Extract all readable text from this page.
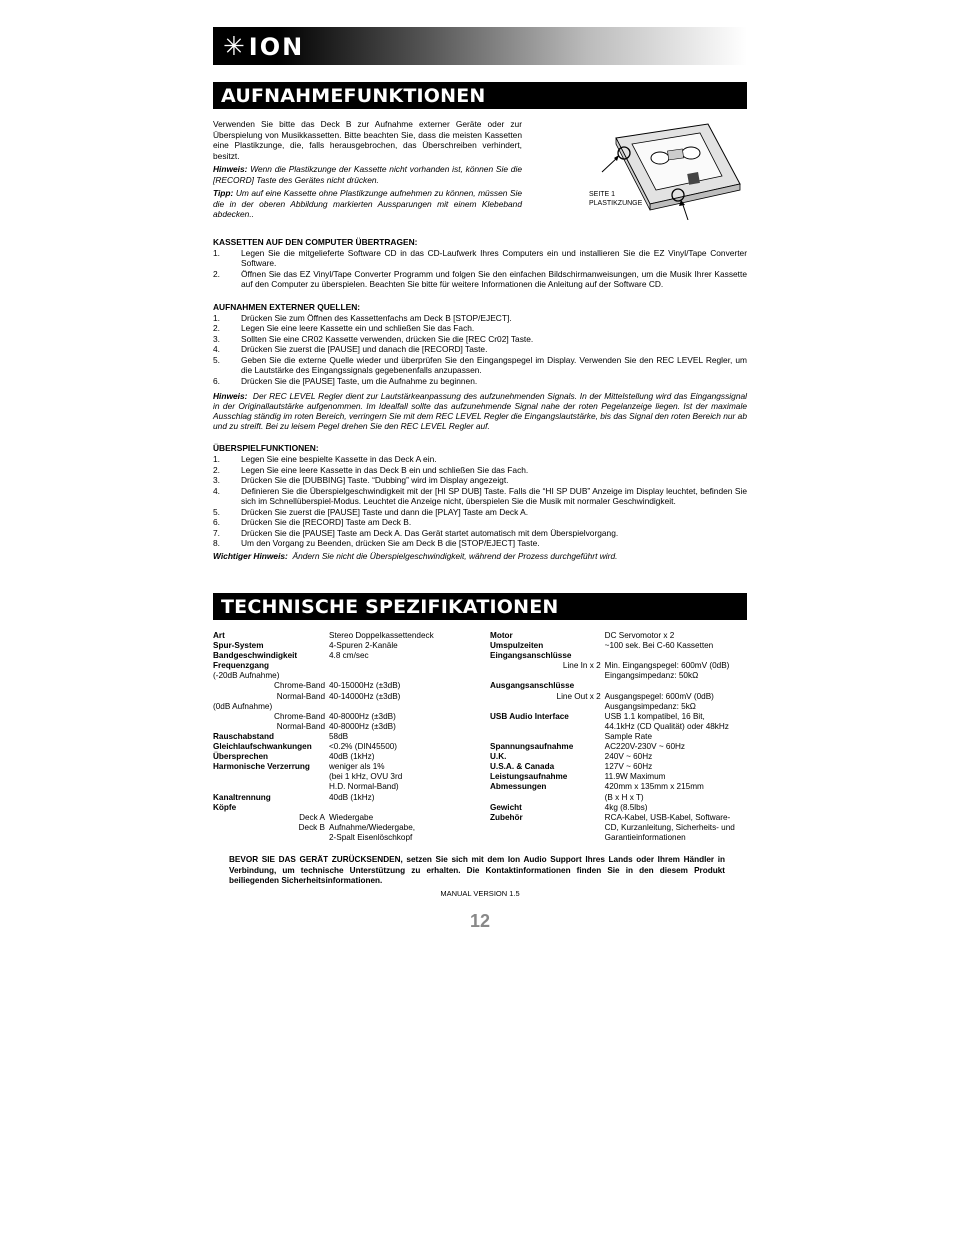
✳ION
AUFNAHMEFUNKTIONEN

Verwenden Sie bitte das Deck B zur Aufnahme externer Geräte oder zur Überspielung von Musikkassetten. Bitte beachten Sie, dass die meisten Kassetten eine Plastikzunge, die, falls herausgebrochen, das Überschreiben verhindert, besitzt.

Hinweis: Wenn die Plastikzunge der Kassette nicht vorhanden ist, können Sie die [RECORD] Taste des Gerätes nicht drücken.

Tipp: Um auf eine Kassette ohne Plastikzunge aufnehmen zu können, müssen Sie die in der oberen Abbildung markierten Aussparungen mit einem Klebeband abdecken..

SEITE 1
PLASTIKZUNGE
KASSETTEN AUF DEN COMPUTER ÜBERTRAGEN:
1.	Legen Sie die mitgelieferte Software CD in das CD-Laufwerk Ihres Computers ein und installieren Sie die EZ Vinyl/Tape Converter Software.
2.	Öffnen Sie das EZ Vinyl/Tape Converter Programm und folgen Sie den einfachen Bildschirmanweisungen, um die Musik Ihrer Kassette auf den Computer zu überspielen. Beachten Sie bitte für weitere Informationen die Anleitung auf der Software CD.
AUFNAHMEN EXTERNER QUELLEN:
1.	Drücken Sie zum Öffnen des Kassettenfachs am Deck B [STOP/EJECT].
2.	Legen Sie eine leere Kassette ein und schließen Sie das Fach.
3.	Sollten Sie eine CR02 Kassette verwenden, drücken Sie die [REC Cr02] Taste.
4.	Drücken Sie zuerst die [PAUSE] und danach die [RECORD] Taste.
5.	Geben Sie die externe Quelle wieder und überprüfen Sie den Eingangspegel im Display. Verwenden Sie den REC LEVEL Regler, um die Lautstärke des Eingangssignals gegebenenfalls anzupassen.
6.	Drücken Sie die [PAUSE] Taste, um die Aufnahme zu beginnen.

Hinweis: Der REC LEVEL Regler dient zur Lautstärkeanpassung des aufzunehmenden Signals. In der Mittelstellung wird das Eingangssignal in der Originallautstärke aufgenommen. Im Idealfall sollte das aufzunehmende Signal nahe der roten Pegelanzeige liegen. Ist der maximale Ausschlag ständig im roten Bereich, verringern Sie mit dem REC LEVEL Regler die Eingangslautstärke, bis das Signal den roten Bereich nur ab und zu streift. Bei zu leisem Pegel drehen Sie den REC LEVEL Regler auf.

ÜBERSPIELFUNKTIONEN:
1.	Legen Sie eine bespielte Kassette in das Deck A ein.
2.	Legen Sie eine leere Kassette in das Deck B ein und schließen Sie das Fach.
3.	Drücken Sie die [DUBBING] Taste. “Dubbing” wird im Display angezeigt.
4.	Definieren Sie die Überspielgeschwindigkeit mit der [HI SP DUB] Taste. Falls die “HI SP DUB” Anzeige im Display leuchtet, befinden Sie sich im Schnellüberspiel-Modus. Leuchtet die Anzeige nicht, überspielen Sie die Musik mit normaler Geschwindigkeit.
5.	Drücken Sie zuerst die [PAUSE] Taste und dann die [PLAY] Taste am Deck A.
6.	Drücken Sie die [RECORD] Taste am Deck B.
7.	Drücken Sie die [PAUSE] Taste am Deck A. Das Gerät startet automatisch mit dem Überspielvorgang.
8.	Um den Vorgang zu Beenden, drücken Sie am Deck B die [STOP/EJECT] Taste.

Wichtiger Hinweis: Ändern Sie nicht die Überspielgeschwindigkeit, während der Prozess durchgeführt wird.

TECHNISCHE SPEZIFIKATIONEN
Art	Stereo Doppelkassettendeck
Spur-System	4-Spuren 2-Kanäle
Bandgeschwindigkeit	4.8 cm/sec
Frequenzgang	
(-20dB Aufnahme)	
Chrome-Band	40-15000Hz (±3dB)
Normal-Band	40-14000Hz (±3dB)
(0dB Aufnahme)	
Chrome-Band	40-8000Hz (±3dB)
Normal-Band	40-8000Hz (±3dB)
Rauschabstand	58dB
Gleichlaufschwankungen	<0.2% (DIN45500)
Übersprechen	40dB (1kHz)
Harmonische Verzerrung	weniger als 1%
	(bei 1 kHz, OVU 3rd
	H.D. Normal-Band)
Kanaltrennung	40dB (1kHz)
Köpfe	
Deck A	Wiedergabe
Deck B	Aufnahme/Wiedergabe,
	2-Spalt Eisenlöschkopf
Motor	DC Servomotor x 2
Umspulzeiten	~100 sek. Bei C-60 Kassetten
Eingangsanschlüsse	
Line In x 2	Min. Eingangspegel: 600mV (0dB)
	Eingangsimpedanz: 50kΩ
Ausgangsanschlüsse	
Line Out x 2	Ausgangspegel: 600mV (0dB)
	Ausgangsimpedanz: 5kΩ
USB Audio Interface	USB 1.1 kompatibel, 16 Bit,
	44.1kHz (CD Qualität) oder 48kHz
	Sample Rate
Spannungsaufnahme	AC220V-230V ~ 60Hz
U.K.	240V ~ 60Hz
U.S.A. & Canada	127V ~ 60Hz
Leistungsaufnahme	11.9W Maximum
Abmessungen	420mm x 135mm x 215mm
	(B x H x T)
Gewicht	4kg (8.5lbs)
Zubehör	RCA-Kabel, USB-Kabel, Software-
	CD, Kurzanleitung, Sicherheits- und
	Garantieinformationen
BEVOR SIE DAS GERÄT ZURÜCKSENDEN, setzen Sie sich mit dem Ion Audio Support Ihres Lands oder Ihrem Händler in Verbindung, um technische Unterstützung zu erhalten. Die Kontaktinformationen finden Sie in den diesem Produkt beiliegenden Sicherheitsinformationen.
MANUAL VERSION 1.5
12
